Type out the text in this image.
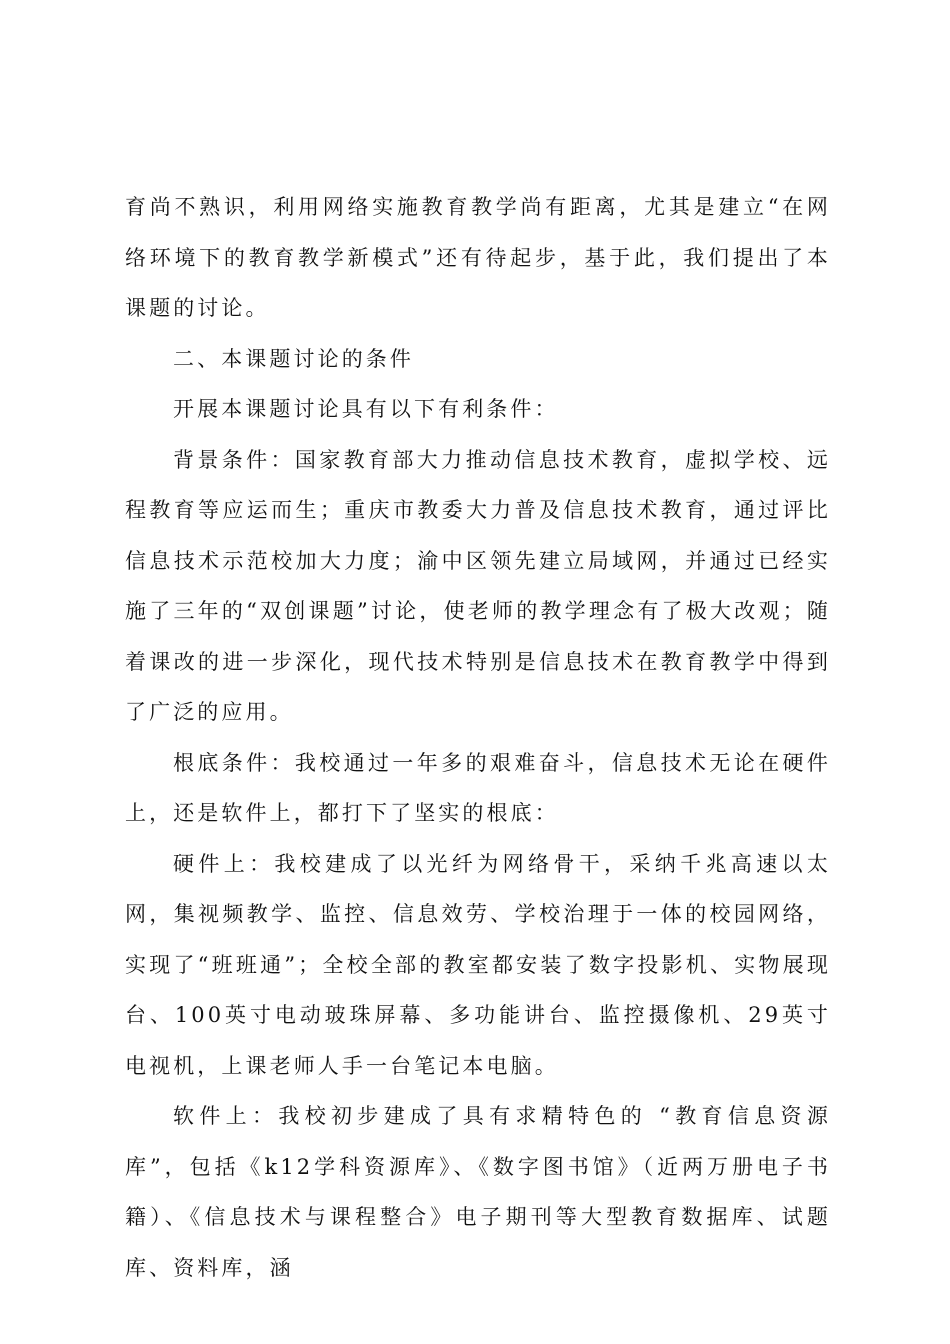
育尚不熟识，利用网络实施教育教学尚有距离，尤其是建立“在网络环境下的教育教学新模式”还有待起步，基于此，我们提出了本课题的讨论。

二、本课题讨论的条件

开展本课题讨论具有以下有利条件：

背景条件：国家教育部大力推动信息技术教育，虚拟学校、远程教育等应运而生；重庆市教委大力普及信息技术教育，通过评比信息技术示范校加大力度；渝中区领先建立局域网，并通过已经实施了三年的“双创课题”讨论，使老师的教学理念有了极大改观；随着课改的进一步深化，现代技术特别是信息技术在教育教学中得到了广泛的应用。

根底条件：我校通过一年多的艰难奋斗，信息技术无论在硬件上，还是软件上，都打下了坚实的根底：

硬件上：我校建成了以光纤为网络骨干，采纳千兆高速以太网，集视频教学、监控、信息效劳、学校治理于一体的校园网络，实现了“班班通”；全校全部的教室都安装了数字投影机、实物展现台、100英寸电动玻珠屏幕、多功能讲台、监控摄像机、29英寸电视机，上课老师人手一台笔记本电脑。

软件上：我校初步建成了具有求精特色的 “教育信息资源库”，包括《k12学科资源库》、《数字图书馆》（近两万册电子书籍）、《信息技术与课程整合》电子期刊等大型教育数据库、试题库、资料库，涵
